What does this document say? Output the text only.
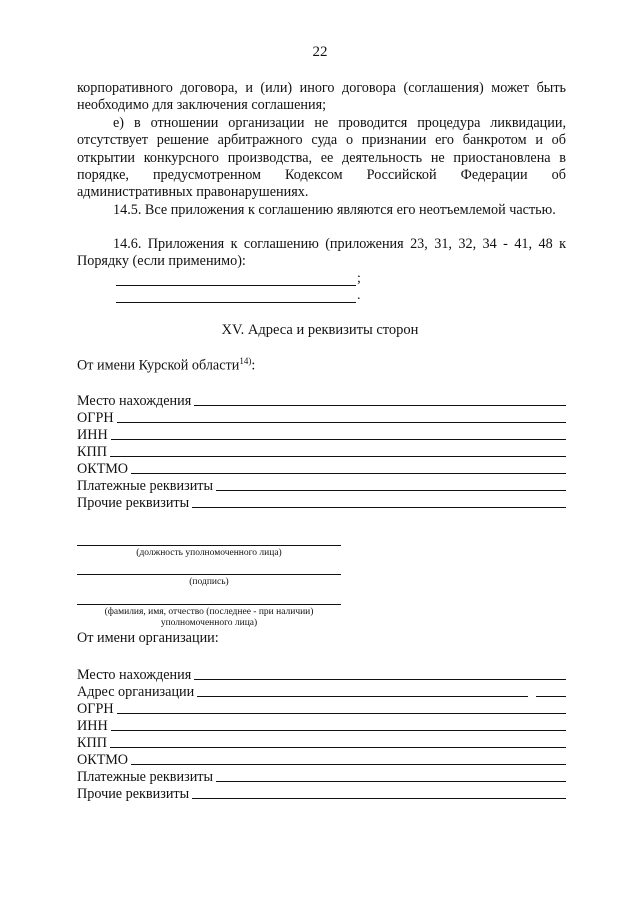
22
корпоративного договора, и (или) иного договора (соглашения) может быть необходимо для заключения соглашения;
е) в отношении организации не проводится процедура ликвидации, отсутствует решение арбитражного суда о признании его банкротом и об открытии конкурсного производства, ее деятельность не приостановлена в порядке, предусмотренном Кодексом Российской Федерации об административных правонарушениях.
14.5. Все приложения к соглашению являются его неотъемлемой частью.
14.6. Приложения к соглашению (приложения 23, 31, 32, 34 - 41, 48 к Порядку (если применимо):
;
.
XV. Адреса и реквизиты сторон
От имени Курской области$^{14)}$:
Место нахождения
ОГРН
ИНН
КПП
ОКТМО
Платежные реквизиты
Прочие реквизиты
(должность уполномоченного лица)
(подпись)
(фамилия, имя, отчество (последнее - при наличии)
уполномоченного лица)
От имени организации:
Место нахождения
Адрес организации
ОГРН
ИНН
КПП
ОКТМО
Платежные реквизиты
Прочие реквизиты
